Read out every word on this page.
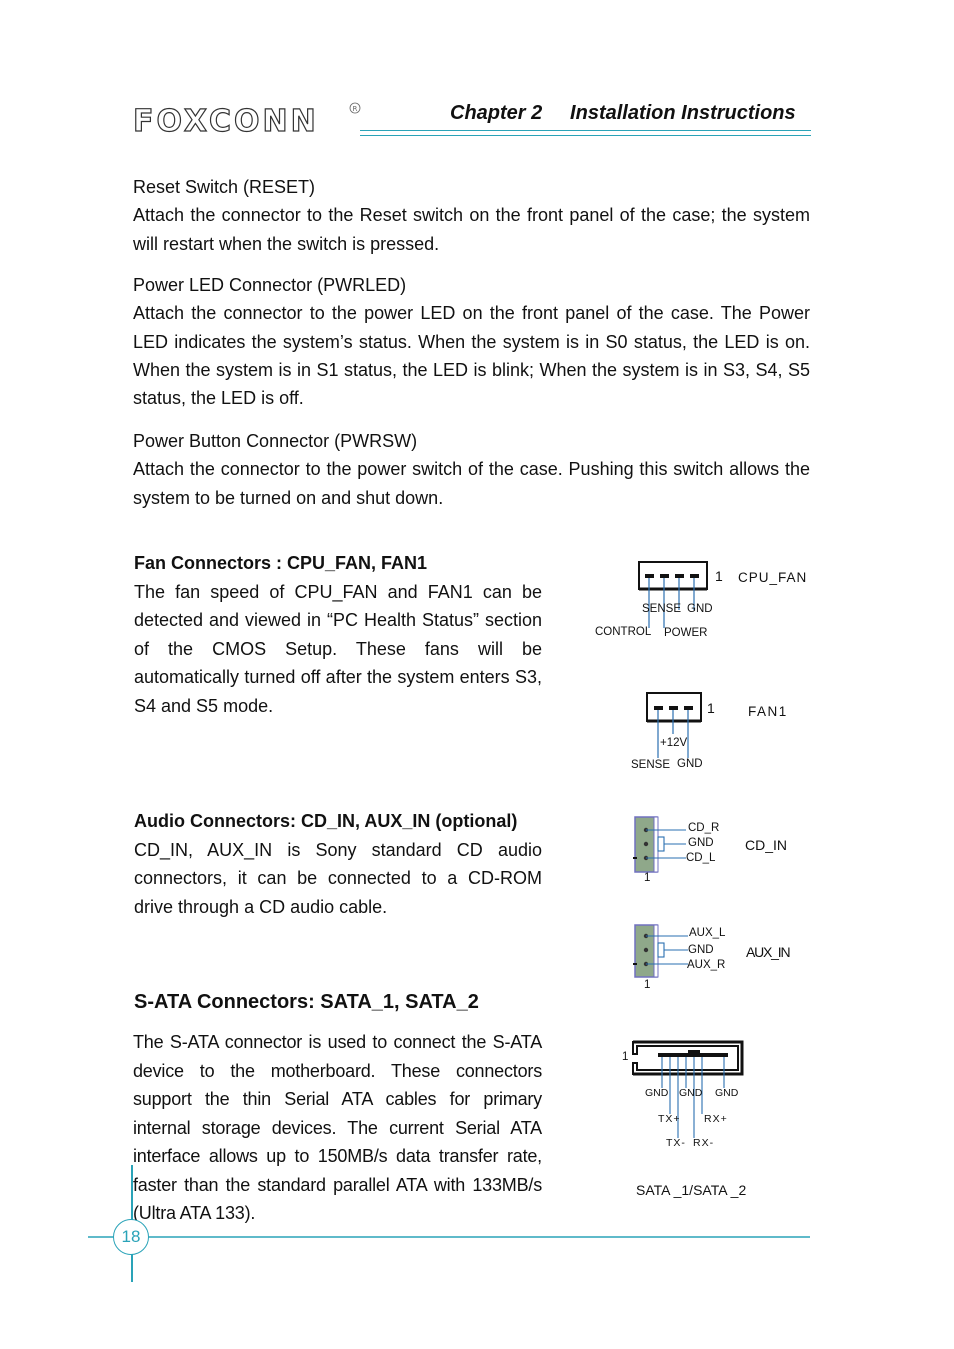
FOXCONN	R	Chapter 2 Installation Instructions
Reset Switch (RESET)
Attach the connector to the Reset switch on the front panel of the case; the system will restart when the switch is pressed.
Power LED Connector (PWRLED)
Attach the connector to the power LED on the front panel of the case. The Power LED indicates the system’s status. When the system is in S0 status, the LED is on. When the system is in S1 status, the LED is blink; When the system is in S3, S4, S5 status, the LED is off.
Power Button Connector (PWRSW)
Attach the connector to the power switch of the case. Pushing this switch allows the system to be turned on and shut down.
Fan Connectors : CPU_FAN, FAN1
The fan speed of CPU_FAN and FAN1 can be detected and viewed in “PC Health Status” section of the CMOS Setup. These fans will be automatically turned off after the system enters S3, S4 and S5 mode.
Audio Connectors: CD_IN, AUX_IN (optional)
CD_IN, AUX_IN is Sony standard CD audio connectors, it can be connected to a CD-ROM drive through a CD audio cable.
S-ATA Connectors: SATA_1, SATA_2
The S-ATA connector is used to connect the S-ATA device to the motherboard. These connectors support the thin Serial ATA cables for primary internal storage devices. The current Serial ATA interface allows up to 150MB/s data transfer rate, faster than the standard parallel ATA with 133MB/s (Ultra ATA 133).
1 CPU_FAN
SENSE GND
CONTROL POWER
1 FAN1
+12V
SENSE GND
CD_R
GND
CD_L
CD_IN
1
AUX_L
GND
AUX_R
AUX_IN
1
1
GND GND GND
TX+ RX+
TX- RX-
SATA _1/SATA _2
18
